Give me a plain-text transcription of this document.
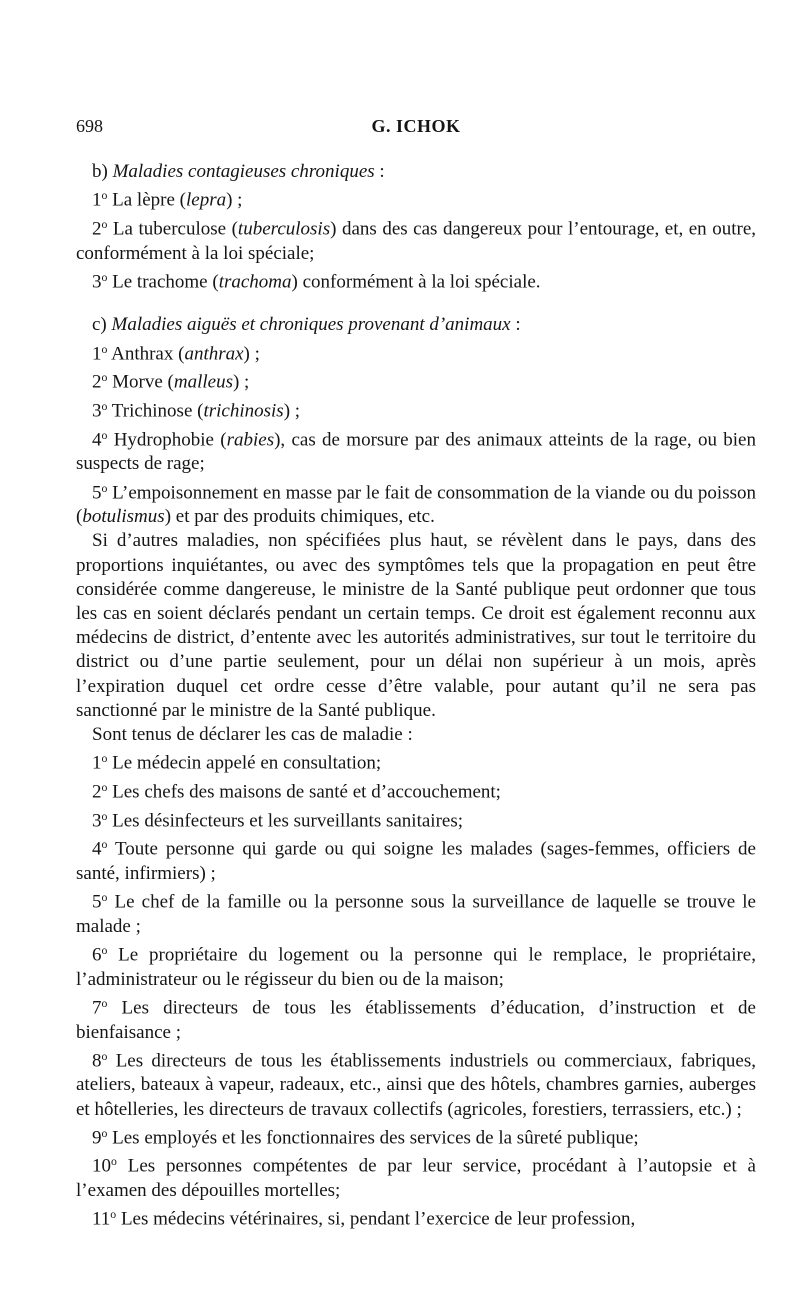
698	G. ICHOK

b) Maladies contagieuses chroniques :

1$^o$ La lèpre (lepra) ;

2$^o$ La tuberculose (tuberculosis) dans des cas dangereux pour l’entourage, et, en outre, conformément à la loi spéciale;

3$^o$ Le trachome (trachoma) conformément à la loi spéciale.

c) Maladies aiguës et chroniques provenant d’animaux :

1$^o$ Anthrax (anthrax) ;

2$^o$ Morve (malleus) ;

3$^o$ Trichinose (trichinosis) ;

4$^o$ Hydrophobie (rabies), cas de morsure par des animaux atteints de la rage, ou bien suspects de rage;

5$^o$ L’empoisonnement en masse par le fait de consommation de la viande ou du poisson (botulismus) et par des produits chimiques, etc.

Si d’autres maladies, non spécifiées plus haut, se révèlent dans le pays, dans des proportions inquiétantes, ou avec des symptômes tels que la propagation en peut être considérée comme dangereuse, le ministre de la Santé publique peut ordonner que tous les cas en soient déclarés pendant un certain temps. Ce droit est également reconnu aux médecins de district, d’entente avec les autorités administratives, sur tout le territoire du district ou d’une partie seulement, pour un délai non supérieur à un mois, après l’expiration duquel cet ordre cesse d’être valable, pour autant qu’il ne sera pas sanctionné par le ministre de la Santé publique.

Sont tenus de déclarer les cas de maladie :

1$^o$ Le médecin appelé en consultation;

2$^o$ Les chefs des maisons de santé et d’accouchement;

3$^o$ Les désinfecteurs et les surveillants sanitaires;

4$^o$ Toute personne qui garde ou qui soigne les malades (sages-femmes, officiers de santé, infirmiers) ;

5$^o$ Le chef de la famille ou la personne sous la surveillance de laquelle se trouve le malade ;

6$^o$ Le propriétaire du logement ou la personne qui le remplace, le propriétaire, l’administrateur ou le régisseur du bien ou de la maison;

7$^o$ Les directeurs de tous les établissements d’éducation, d’instruction et de bienfaisance ;

8$^o$ Les directeurs de tous les établissements industriels ou commerciaux, fabriques, ateliers, bateaux à vapeur, radeaux, etc., ainsi que des hôtels, chambres garnies, auberges et hôtelleries, les directeurs de travaux collectifs (agricoles, forestiers, terrassiers, etc.) ;

9$^o$ Les employés et les fonctionnaires des services de la sûreté publique;

10$^o$ Les personnes compétentes de par leur service, procédant à l’autopsie et à l’examen des dépouilles mortelles;

11$^o$ Les médecins vétérinaires, si, pendant l’exercice de leur profession,
